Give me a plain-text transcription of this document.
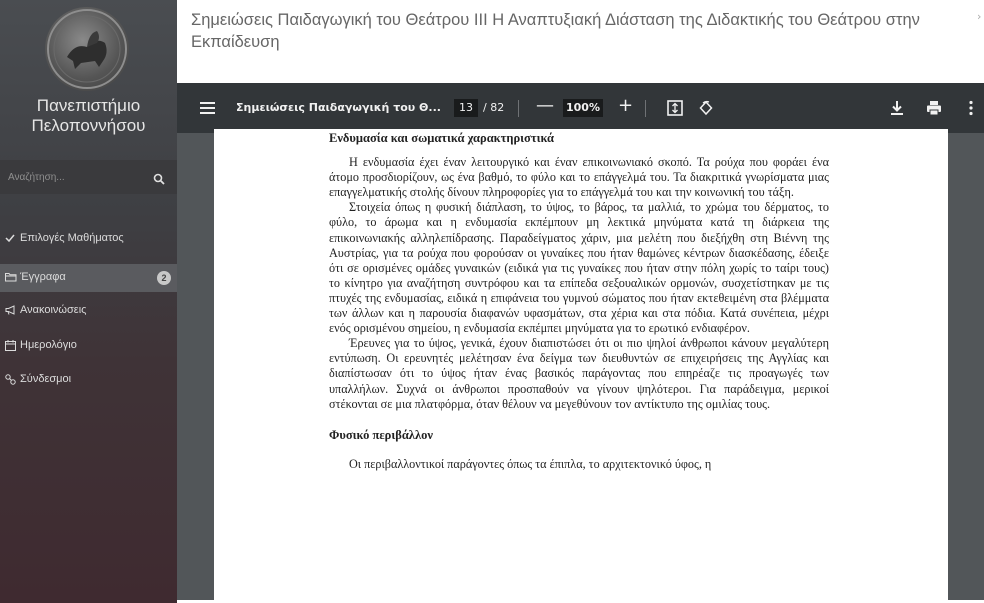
Πανεπιστήμιο
Πελοποννήσου
Αναζήτηση...
Επιλογές Μαθήματος
Έγγραφα	2
Ανακοινώσεις
Ημερολόγιο
Σύνδεσμοι
Σημειώσεις Παιδαγωγική του Θεάτρου ΙΙΙ Η Αναπτυξιακή Διάσταση της Διδακτικής του Θεάτρου στην Εκπαίδευση
›
Σημειώσεις Παιδαγωγική του Θ...	13 / 82 — 100% +

Ενδυμασία και σωματικά χαρακτηριστικά

Η ενδυμασία έχει έναν λειτουργικό και έναν επικοινωνιακό σκοπό. Τα ρούχα που φοράει ένα άτομο προσδιορίζουν, ως ένα βαθμό, το φύλο και το επάγγελμά του. Τα διακριτικά γνωρίσματα μιας επαγγελματικής στολής δίνουν πληροφορίες για το επάγγελμά του και την κοινωνική του τάξη.

Στοιχεία όπως η φυσική διάπλαση, το ύψος, το βάρος, τα μαλλιά, το χρώμα του δέρματος, το φύλο, το άρωμα και η ενδυμασία εκπέμπουν μη λεκτικά μηνύματα κατά τη διάρκεια της επικοινωνιακής αλληλεπίδρασης. Παραδείγματος χάριν, μια μελέτη που διεξήχθη στη Βιέννη της Αυστρίας, για τα ρούχα που φορούσαν οι γυναίκες που ήταν θαμώνες κέντρων διασκέδασης, έδειξε ότι σε ορισμένες ομάδες γυναικών (ειδικά για τις γυναίκες που ήταν στην πόλη χωρίς το ταίρι τους) το κίνητρο για αναζήτηση συντρόφου και τα επίπεδα σεξουαλικών ορμονών, συσχετίστηκαν με τις πτυχές της ενδυμασίας, ειδικά η επιφάνεια του γυμνού σώματος που ήταν εκτεθειμένη στα βλέμματα των άλλων και η παρουσία διαφανών υφασμάτων, στα χέρια και στα πόδια. Κατά συνέπεια, μέχρι ενός ορισμένου σημείου, η ενδυμασία εκπέμπει μηνύματα για το ερωτικό ενδιαφέρον.

Έρευνες για το ύψος, γενικά, έχουν διαπιστώσει ότι οι πιο ψηλοί άνθρωποι κάνουν μεγαλύτερη εντύπωση. Οι ερευνητές μελέτησαν ένα δείγμα των διευθυντών σε επιχειρήσεις της Αγγλίας και διαπίστωσαν ότι το ύψος ήταν ένας βασικός παράγοντας που επηρέαζε τις προαγωγές των υπαλλήλων. Συχνά οι άνθρωποι προσπαθούν να γίνουν ψηλότεροι. Για παράδειγμα, μερικοί στέκονται σε μια πλατφόρμα, όταν θέλουν να μεγεθύνουν τον αντίκτυπο της ομιλίας τους.

Φυσικό περιβάλλον

Οι περιβαλλοντικοί παράγοντες όπως τα έπιπλα, το αρχιτεκτονικό ύφος, η
